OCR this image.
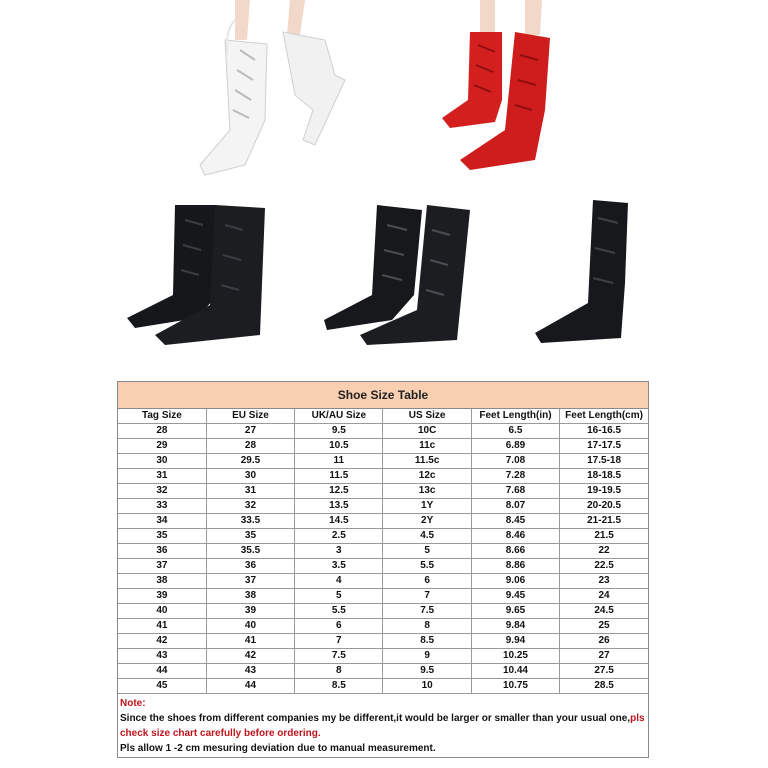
Shoe Size Table
Tag Size	EU Size	UK/AU Size	US Size	Feet Length(in)	Feet Length(cm)
28	27	9.5	10C	6.5	16-16.5
29	28	10.5	11c	6.89	17-17.5
30	29.5	11	11.5c	7.08	17.5-18
31	30	11.5	12c	7.28	18-18.5
32	31	12.5	13c	7.68	19-19.5
33	32	13.5	1Y	8.07	20-20.5
34	33.5	14.5	2Y	8.45	21-21.5
35	35	2.5	4.5	8.46	21.5
36	35.5	3	5	8.66	22
37	36	3.5	5.5	8.86	22.5
38	37	4	6	9.06	23
39	38	5	7	9.45	24
40	39	5.5	7.5	9.65	24.5
41	40	6	8	9.84	25
42	41	7	8.5	9.94	26
43	42	7.5	9	10.25	27
44	43	8	9.5	10.44	27.5
45	44	8.5	10	10.75	28.5
Note:
Since the shoes from different companies my be different,it would be larger or smaller than your usual one,pls check size chart carefully before ordering.
Pls allow 1 -2 cm mesuring deviation due to manual measurement.
